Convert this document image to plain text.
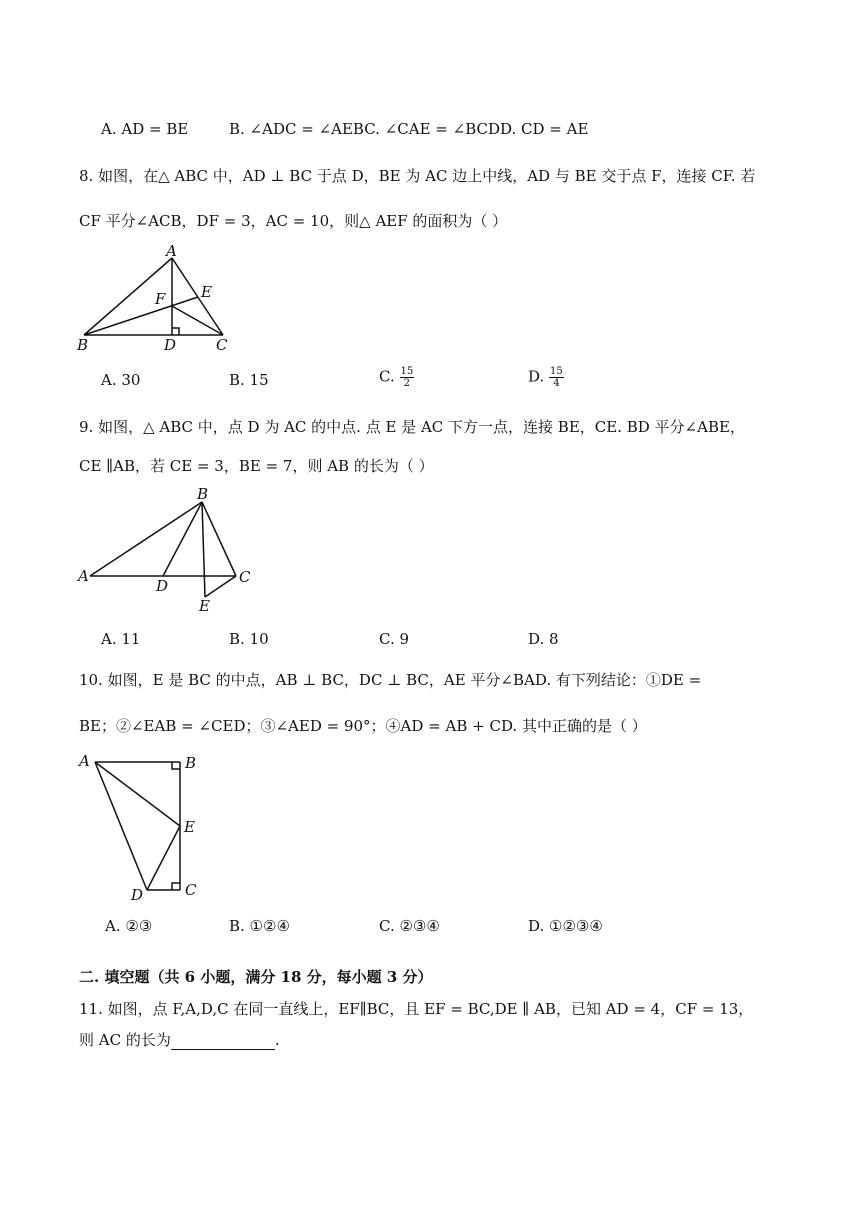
A. AD = BE	B. ∠ADC = ∠AEBC. ∠CAE = ∠BCDD. CD = AE
8. 如图，在△ ABC 中，AD ⊥ BC 于点 D，BE 为 AC 边上中线，AD 与 BE 交于点 F，连接 CF. 若
CF 平分∠ACB，DF = 3，AC = 10，则△ AEF 的面积为（ ）
A
B	C
D
E
F
A. 30	B. 15	C. $\frac{15}{2}$	D. $\frac{15}{4}$
9. 如图，△ ABC 中，点 D 为 AC 的中点. 点 E 是 AC 下方一点，连接 BE，CE. BD 平分∠ABE，
CE ∥AB，若 CE = 3，BE = 7，则 AB 的长为（ ）
A
B
C
D
E
A. 11	B. 10	C. 9	D. 8
10. 如图，E 是 BC 的中点，AB ⊥ BC，DC ⊥ BC，AE 平分∠BAD. 有下列结论：①DE =
BE；②∠EAB = ∠CED；③∠AED = 90°；④AD = AB + CD. 其中正确的是（ ）
A	B
C
D
E
A. ②③	B. ①②④	C. ②③④	D. ①②③④
二. 填空题（共 6 小题，满分 18 分，每小题 3 分）
11. 如图，点 F,A,D,C 在同一直线上，EF∥BC，且 EF = BC,DE ∥ AB，已知 AD = 4，CF = 13，
则 AC 的长为	.
